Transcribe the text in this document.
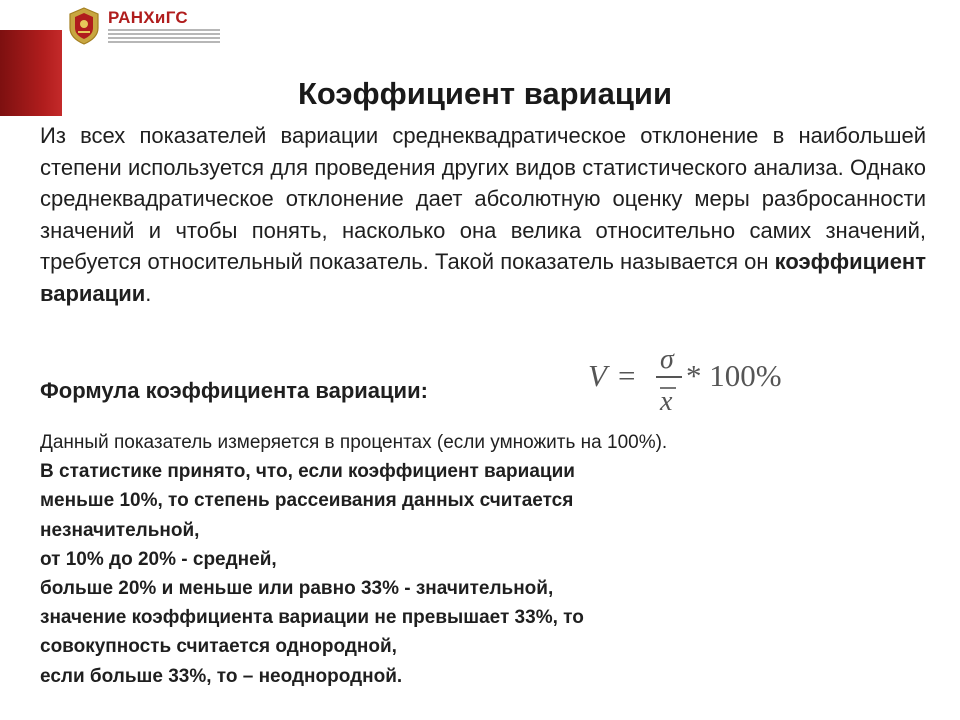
РАНХиГС
Коэффициент вариации
Из всех показателей вариации среднеквадратическое отклонение в наибольшей степени используется для проведения других видов статистического анализа. Однако среднеквадратическое отклонение дает абсолютную оценку меры разбросанности значений и чтобы понять, насколько она велика относительно самих значений, требуется относительный показатель. Такой показатель называется он коэффициент вариации.
Формула коэффициента вариации:	V = σ
x
* 100%
Данный показатель измеряется в процентах (если умножить на 100%).
В статистике принято, что, если коэффициент вариации
меньше 10%, то степень рассеивания данных считается
незначительной,
от 10% до 20% - средней,
больше 20% и меньше или равно 33% - значительной,
значение коэффициента вариации не превышает 33%, то
совокупность считается однородной,
если больше 33%, то – неоднородной.
